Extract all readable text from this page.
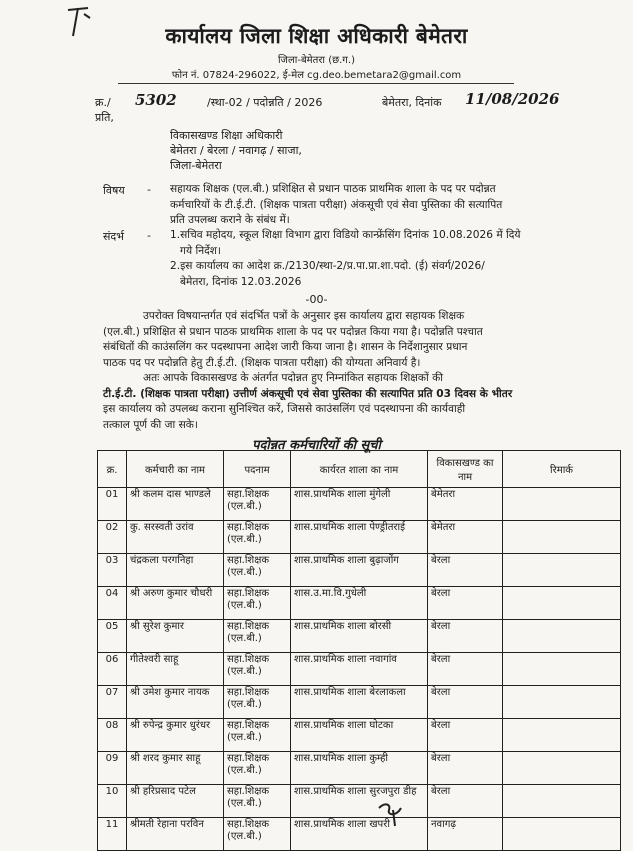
कार्यालय जिला शिक्षा अधिकारी बेमेतरा
जिला-बेमेतरा (छ.ग.)
फोन नं. 07824-296022, ई-मेल cg.deo.bemetara2@gmail.com
क्र./ 5302	/स्था-02 / पदोन्नति / 2026	बेमेतरा, दिनांक 11/08/2026
प्रति,
विकासखण्ड शिक्षा अधिकारी
बेमेतरा / बेरला / नवागढ़ / साजा,
जिला-बेमेतरा
विषय - सहायक शिक्षक (एल.बी.) प्रशिक्षित से प्रधान पाठक प्राथमिक शाला के पद पर पदोन्नत
कर्मचारियों के टी.ई.टी. (शिक्षक पात्रता परीक्षा) अंकसूची एवं सेवा पुस्तिका की सत्यापित
प्रति उपलब्ध कराने के संबंध में।
संदर्भ - 1.सचिव महोदय, स्कूल शिक्षा विभाग द्वारा विडियो कान्फ्रेंसिंग दिनांक 10.08.2026 में दिये
गये निर्देश।
2.इस कार्यालय का आदेश क्र./2130/स्था-2/प्र.पा.प्रा.शा.पदो. (ई) संवर्ग/2026/
बेमेतरा, दिनांक 12.03.2026
-00-
उपरोक्त विषयान्तर्गत एवं संदर्भित पत्रों के अनुसार इस कार्यालय द्वारा सहायक शिक्षक
(एल.बी.) प्रशिक्षित से प्रधान पाठक प्राथमिक शाला के पद पर पदोन्नत किया गया है। पदोन्नति पश्चात
संबंधितों की काउंसलिंग कर पदस्थापना आदेश जारी किया जाना है। शासन के निर्देशानुसार प्रधान
पाठक पद पर पदोन्नति हेतु टी.ई.टी. (शिक्षक पात्रता परीक्षा) की योग्यता अनिवार्य है।
अतः आपके विकासखण्ड के अंतर्गत पदोन्नत हुए निम्नांकित सहायक शिक्षकों की
टी.ई.टी. (शिक्षक पात्रता परीक्षा) उत्तीर्ण अंकसूची एवं सेवा पुस्तिका की सत्यापित प्रति 03 दिवस के भीतर
इस कार्यालय को उपलब्ध कराना सुनिश्चित करें, जिससे काउंसलिंग एवं पदस्थापना की कार्यवाही
तत्काल पूर्ण की जा सके।
पदोन्नत कर्मचारियों की सूची
क्र.	कर्मचारी का नाम	पदनाम	कार्यरत शाला का नाम	विकासखण्ड का नाम	रिमार्क
01	श्री कलम दास भाण्डले	सहा.शिक्षक (एल.बी.)	शास.प्राथमिक शाला मुंगेली	बेमेतरा	
02	कु. सरस्वती उरांव	सहा.शिक्षक (एल.बी.)	शास.प्राथमिक शाला पेण्ड्रीतराई	बेमेतरा	
03	चंद्रकला परगनिहा	सहा.शिक्षक (एल.बी.)	शास.प्राथमिक शाला बुढ़ाजोंग	बेरला	
04	श्री अरुण कुमार चौधरी	सहा.शिक्षक (एल.बी.)	शास.उ.मा.वि.गुधेली	बेरला	
05	श्री सुरेश कुमार	सहा.शिक्षक (एल.बी.)	शास.प्राथमिक शाला बोरसी	बेरला	
06	गीतेश्वरी साहू	सहा.शिक्षक (एल.बी.)	शास.प्राथमिक शाला नवागांव	बेरला	
07	श्री उमेश कुमार नायक	सहा.शिक्षक (एल.बी.)	शास.प्राथमिक शाला बेरलाकला	बेरला	
08	श्री रुपेन्द्र कुमार धुरंधर	सहा.शिक्षक (एल.बी.)	शास.प्राथमिक शाला घोटका	बेरला	
09	श्री शरद कुमार साहू	सहा.शिक्षक (एल.बी.)	शास.प्राथमिक शाला कुम्ही	बेरला	
10	श्री हरिप्रसाद पटेल	सहा.शिक्षक (एल.बी.)	शास.प्राथमिक शाला सुरजपुरा डीह	बेरला	
11	श्रीमती रेहाना परविन	सहा.शिक्षक (एल.बी.)	शास.प्राथमिक शाला खपरी	नवागढ़	
